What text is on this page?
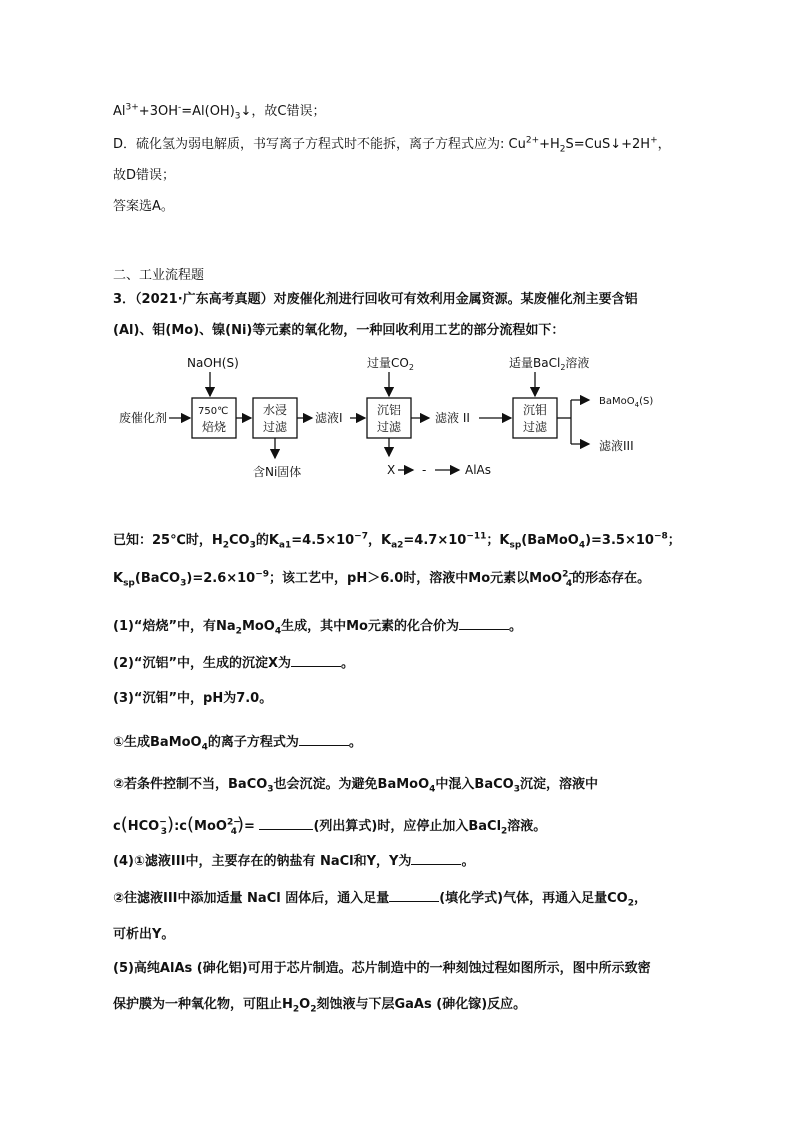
$Al^{3+}+3OH^-=Al(OH)_3↓$，故C错误；
D．硫化氢为弱电解质，书写离子方程式时不能拆，离子方程式应为: $Cu^{2+}+H_2S=CuS↓+2H^+$，
故D错误；
答案选A。
二、工业流程题
3．（2021·广东高考真题）对废催化剂进行回收可有效利用金属资源。某废催化剂主要含铝
(Al)、钼(Mo)、镍(Ni)等元素的氧化物，一种回收利用工艺的部分流程如下：
NaOH(S)	过量$CO_2$	适量BaCl$_2$溶液
废催化剂	750℃
焙烧
水浸
过滤
含Ni固体
滤液I
沉铝
过滤
X -	AlAs
滤液 II
沉钼
过滤
BaMoO$_4$(S)
滤液III
已知：25℃时，$H_2CO_3$的$K_{a1}=4.5\times 10^{-7}$，$K_{a2}=4.7\times 10^{-11}$；$K_{sp}(BaMoO_4)=3.5\times 10^{-8}$；
$K_{sp}(BaCO_3)=2.6\times 10^{-9}$；该工艺中，pH＞6.0时，溶液中Mo元素以MoO$^{2-}_4$的形态存在。
(1)“焙烧”中，有$Na_2MoO_4$生成，其中Mo元素的化合价为	。
(2)“沉铝”中，生成的沉淀X为	。
(3)“沉钼”中，pH为7.0。
①生成BaMoO$_4$的离子方程式为	。
②若条件控制不当，BaCO$_3$也会沉淀。为避免BaMoO$_4$中混入BaCO$_3$沉淀，溶液中
$c(HCO^-_3):c(MoO^{2-}_4)=$	(列出算式)时，应停止加入BaCl$_2$溶液。
(4)①滤液III中，主要存在的钠盐有 NaCl和Y，Y为	。
②往滤液III中添加适量 NaCl 固体后，通入足量	(填化学式)气体，再通入足量$CO_2$，
可析出Y。
(5)高纯AlAs (砷化铝)可用于芯片制造。芯片制造中的一种刻蚀过程如图所示，图中所示致密
保护膜为一种氧化物，可阻止$H_2O_2$刻蚀液与下层GaAs (砷化镓)反应。
